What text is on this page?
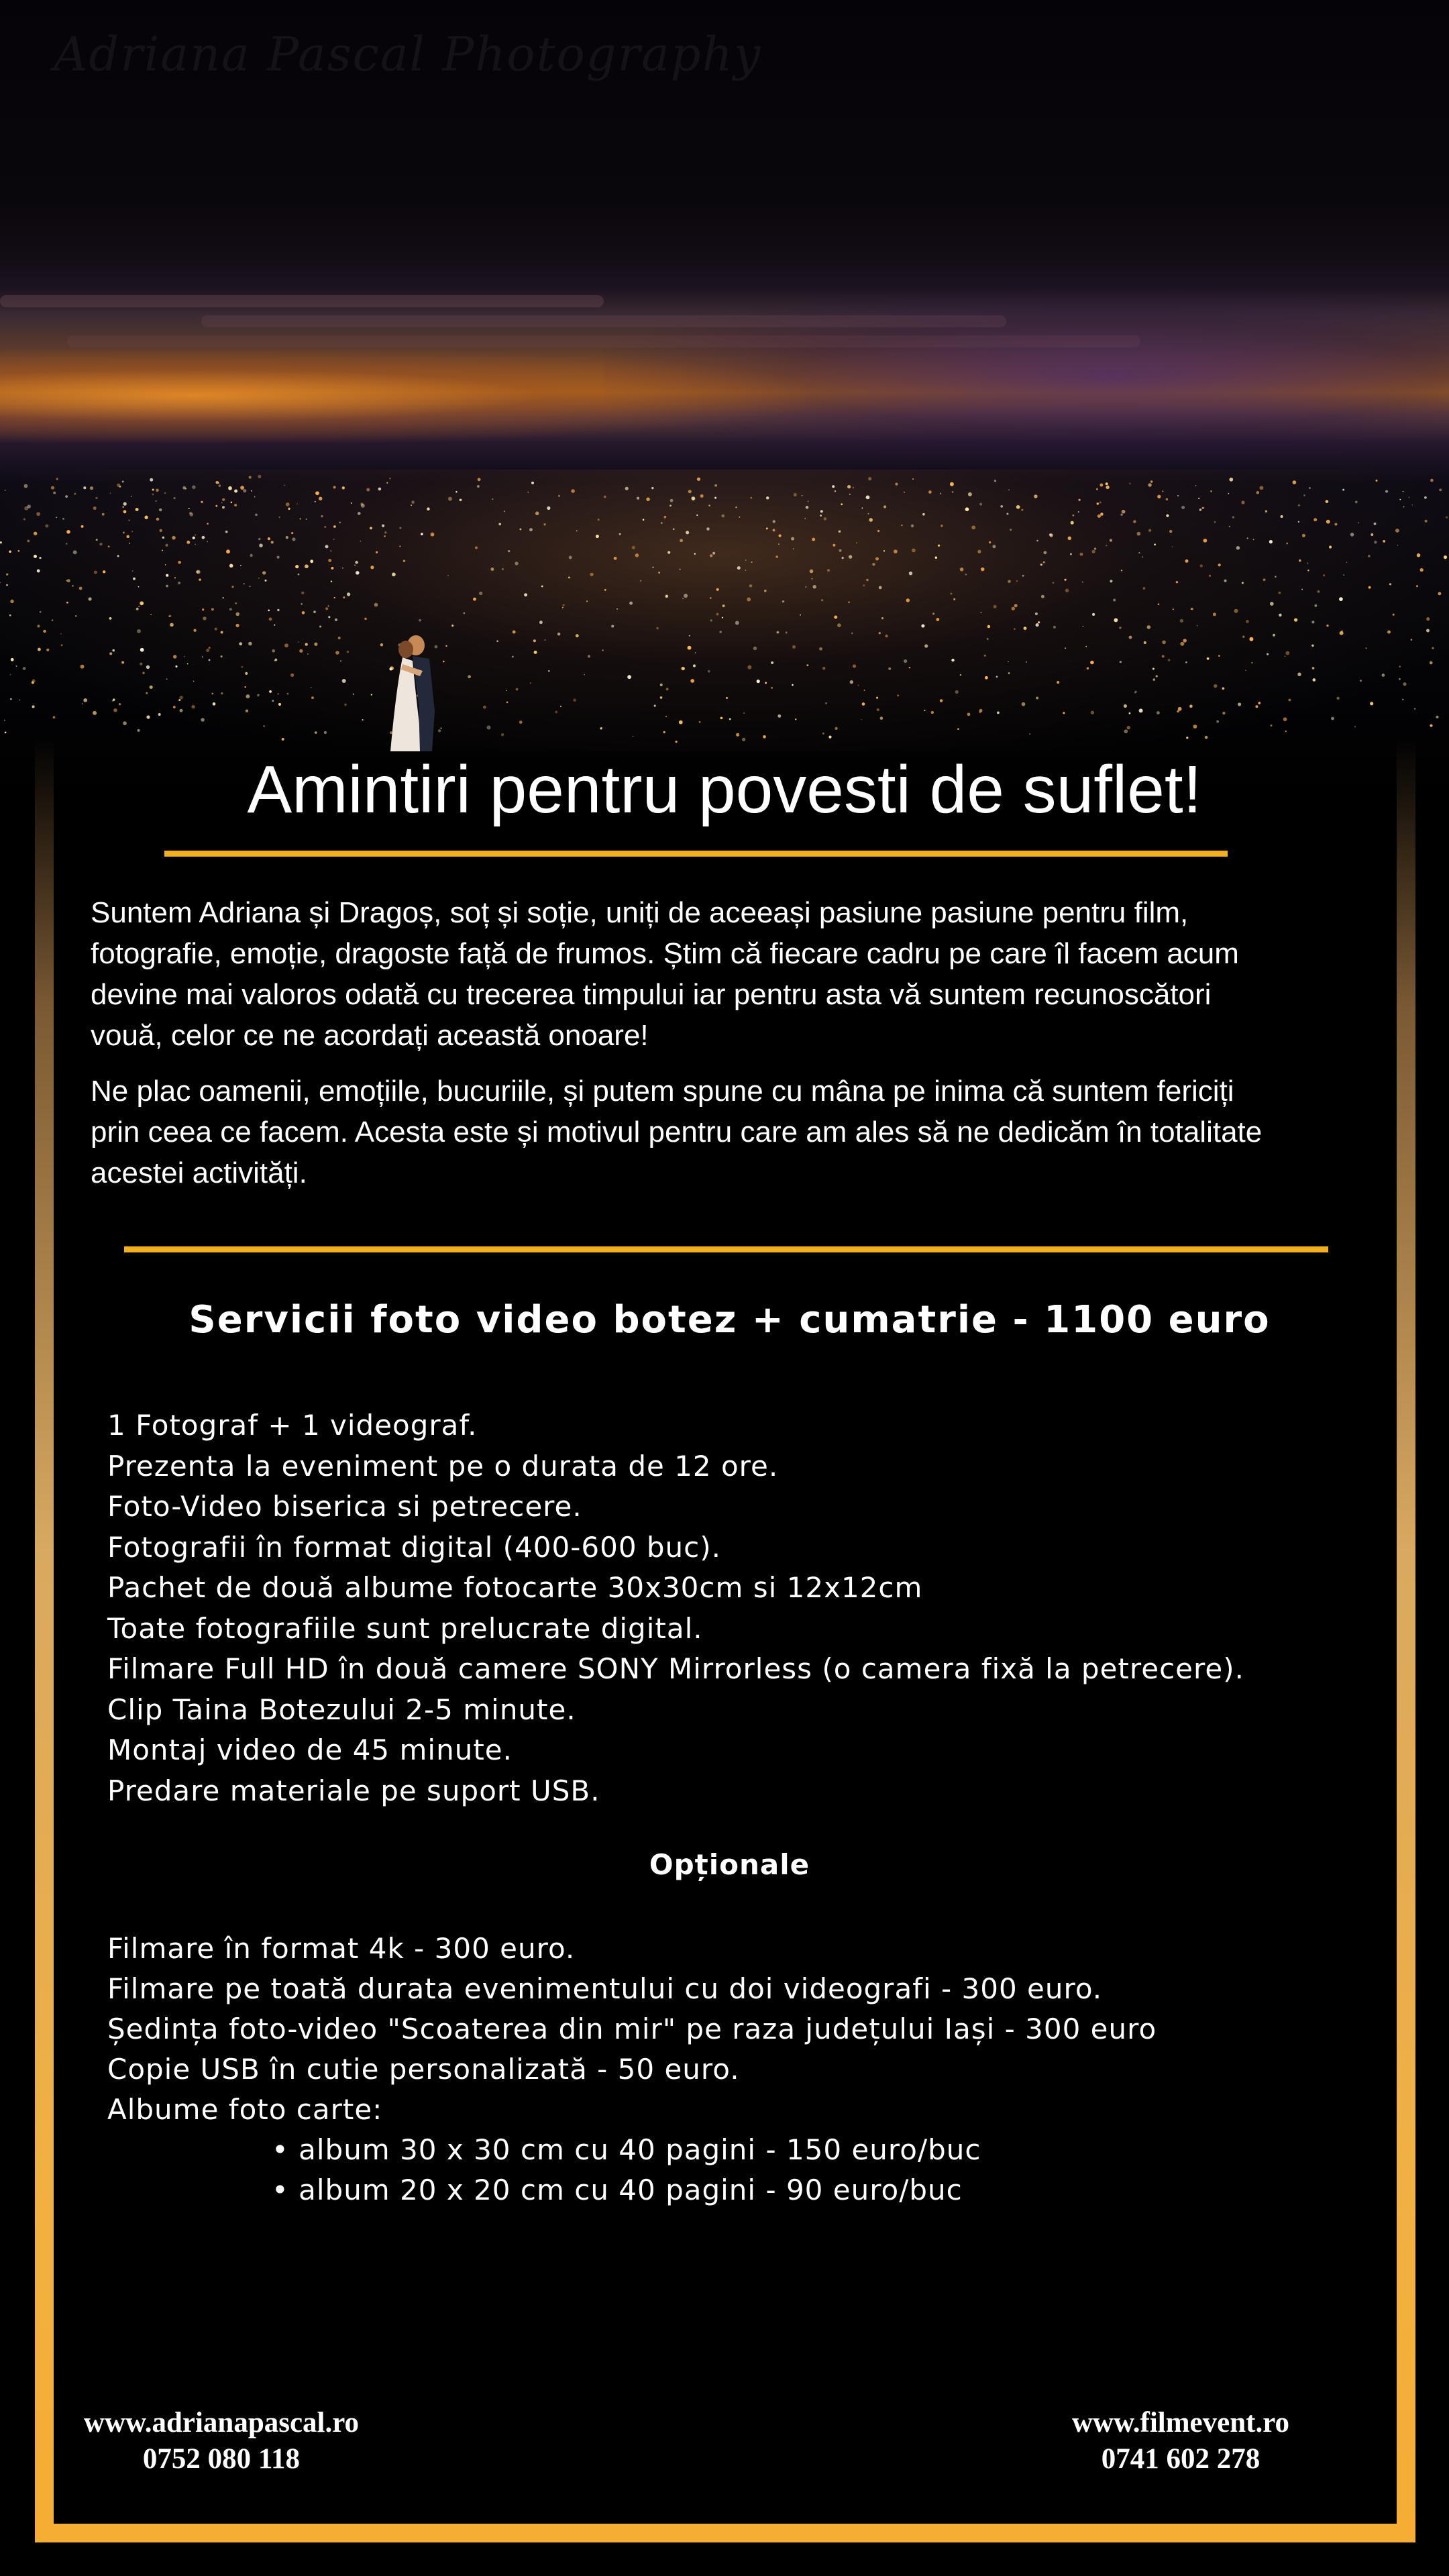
Adriana Pascal Photography
Amintiri pentru povesti de suflet!

Suntem Adriana și Dragoș, soț și soție, uniți de aceeași pasiune pasiune pentru film,
fotografie, emoție, dragoste față de frumos. Știm că fiecare cadru pe care îl facem acum
devine mai valoros odată cu trecerea timpului iar pentru asta vă suntem recunoscători
vouă, celor ce ne acordați această onoare!

Ne plac oamenii, emoțiile, bucuriile, și putem spune cu mâna pe inima că suntem fericiți
prin ceea ce facem. Acesta este și motivul pentru care am ales să ne dedicăm în totalitate
acestei activități.

Servicii foto video botez + cumatrie - 1100 euro
1 Fotograf + 1 videograf.
Prezenta la eveniment pe o durata de 12 ore.
Foto-Video biserica si petrecere.
Fotografii în format digital (400-600 buc).
Pachet de două albume fotocarte 30x30cm si 12x12cm
Toate fotografiile sunt prelucrate digital.
Filmare Full HD în două camere SONY Mirrorless (o camera fixă la petrecere).
Clip Taina Botezului 2-5 minute.
Montaj video de 45 minute.
Predare materiale pe suport USB.
Opționale
Filmare în format 4k - 300 euro.
Filmare pe toată durata evenimentului cu doi videografi - 300 euro.
Ședința foto-video "Scoaterea din mir" pe raza județului Iași - 300 euro
Copie USB în cutie personalizată - 50 euro.
Albume foto carte:
• album 30 x 30 cm cu 40 pagini - 150 euro/buc
• album 20 x 20 cm cu 40 pagini - 90 euro/buc
www.adrianapascal.ro
0752 080 118
www.filmevent.ro
0741 602 278
